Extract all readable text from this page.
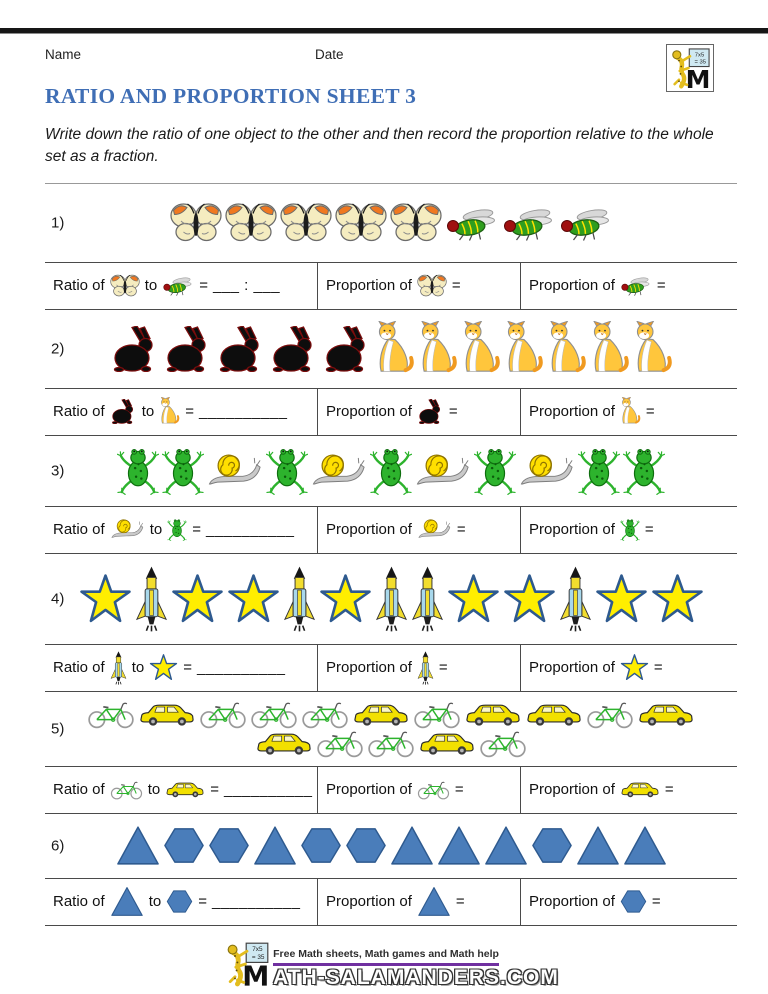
Name	Date	7x5
= 35
M
RATIO AND PROPORTION SHEET 3

Write down the ratio of one object to the other and then record the proportion relative to the whole set as a fraction.

1)
Ratio of	to	= ___ : ___	Proportion of	=	Proportion of	=
2)
Ratio of to = __________	Proportion of =	Proportion of =
3)
Ratio of	to = __________ Proportion of	=	Proportion of =
4)
Ratio of to	= __________	Proportion of =	Proportion of	=
5)
Ratio of	to	= __________ Proportion of	=	Proportion of	=
6)
Ratio of	to = __________ Proportion of	=	Proportion of =
7x5
= 35
M
Free Math sheets, Math games and Math help
ATH-SALAMANDERS.COM
